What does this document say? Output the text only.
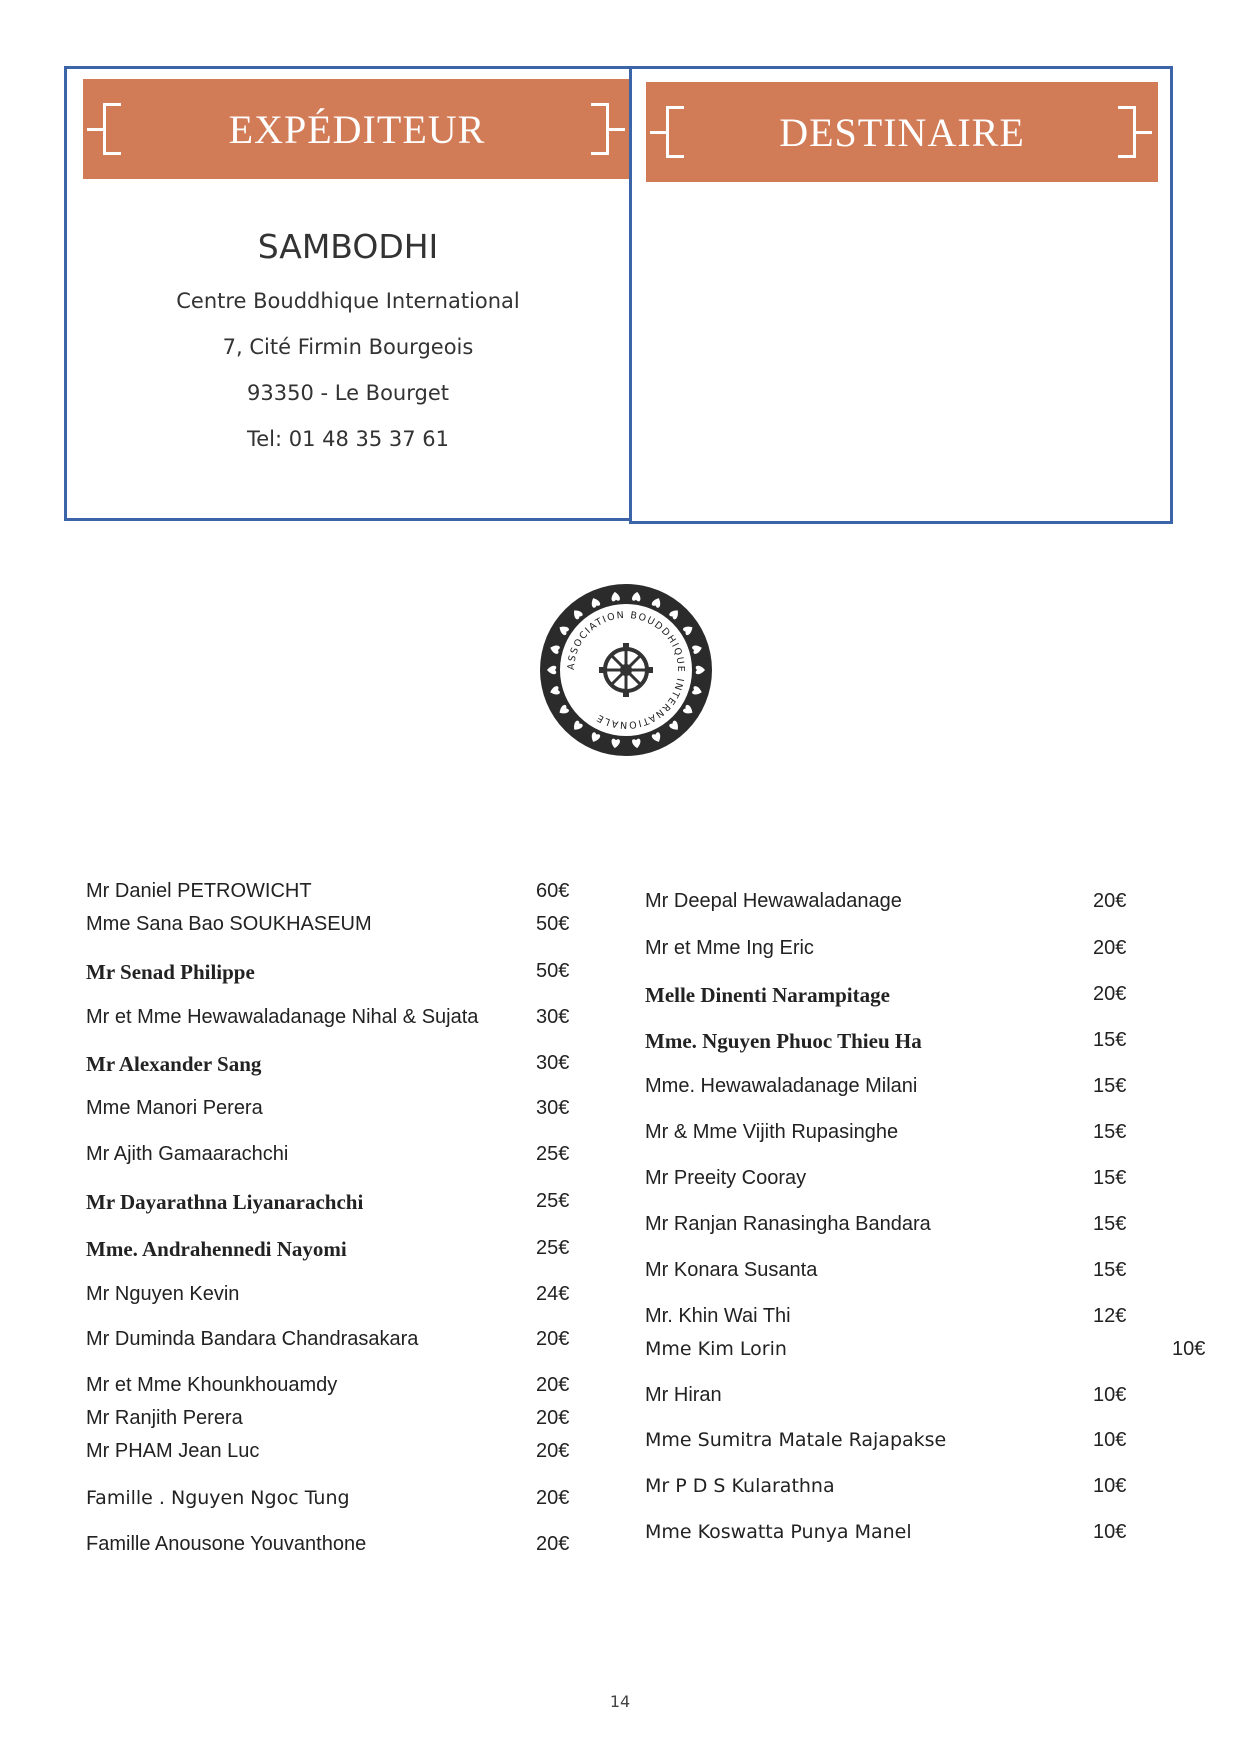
EXPÉDITEUR
SAMBODHI
Centre Bouddhique International
7, Cité Firmin Bourgeois
93350 - Le Bourget
Tel: 01 48 35 37 61
DESTINAIRE
ASSOCIATION BOUDDHIQUE INTERNATIONALE
Mr Daniel PETROWICHT	60€
Mme Sana Bao SOUKHASEUM	50€
Mr Senad Philippe	50€
Mr et Mme Hewawaladanage Nihal & Sujata	30€
Mr Alexander Sang	30€
Mme Manori Perera	30€
Mr Ajith Gamaarachchi	25€
Mr Dayarathna Liyanarachchi	25€
Mme. Andrahennedi Nayomi	25€
Mr Nguyen Kevin	24€
Mr Duminda Bandara Chandrasakara	20€
Mr et Mme Khounkhouamdy	20€
Mr Ranjith Perera	20€
Mr PHAM Jean Luc	20€
Famille . Nguyen Ngoc Tung	20€
Famille Anousone Youvanthone	20€
Mr Deepal Hewawaladanage	20€
Mr et Mme Ing Eric	20€
Melle Dinenti Narampitage	20€
Mme. Nguyen Phuoc Thieu Ha	15€
Mme. Hewawaladanage Milani	15€
Mr & Mme Vijith Rupasinghe	15€
Mr Preeity Cooray	15€
Mr Ranjan Ranasingha Bandara	15€
Mr Konara Susanta	15€
Mr. Khin Wai Thi	12€
Mme Kim Lorin	10€
Mr Hiran	10€
Mme Sumitra Matale Rajapakse	10€
Mr P D S Kularathna	10€
Mme Koswatta Punya Manel	10€
14
